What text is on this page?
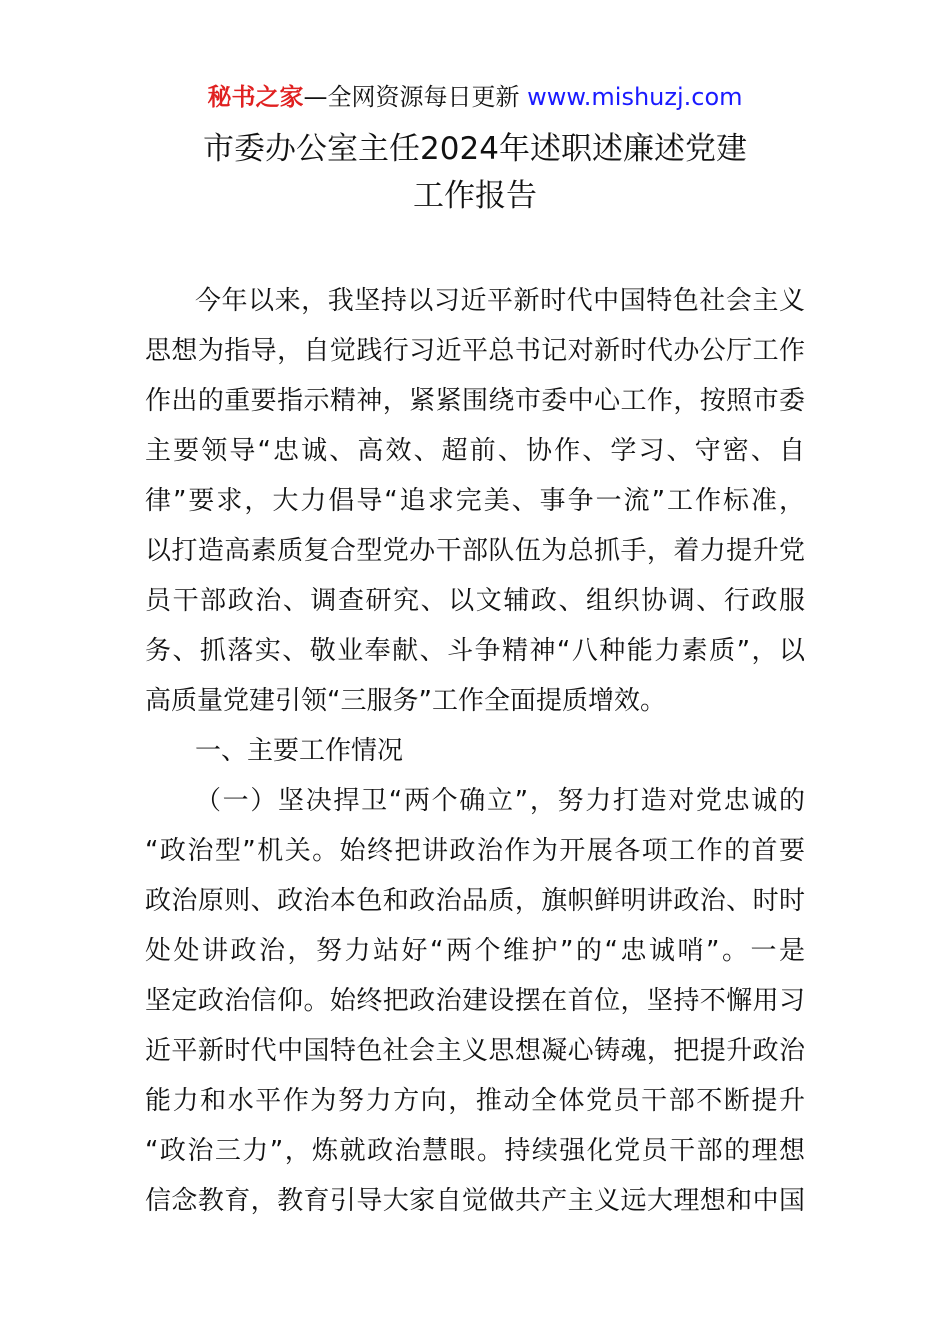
秘书之家—全网资源每日更新 www.mishuzj.com
市委办公室主任2024年述职述廉述党建
工作报告
今年以来，我坚持以习近平新时代中国特色社会主义
思想为指导，自觉践行习近平总书记对新时代办公厅工作
作出的重要指示精神，紧紧围绕市委中心工作，按照市委
主要领导“忠诚、高效、超前、协作、学习、守密、自
律”要求，大力倡导“追求完美、事争一流”工作标准，
以打造高素质复合型党办干部队伍为总抓手，着力提升党
员干部政治、调查研究、以文辅政、组织协调、行政服
务、抓落实、敬业奉献、斗争精神“八种能力素质”，以
高质量党建引领“三服务”工作全面提质增效。
一、主要工作情况
（一）坚决捍卫“两个确立”，努力打造对党忠诚的
“政治型”机关。始终把讲政治作为开展各项工作的首要
政治原则、政治本色和政治品质，旗帜鲜明讲政治、时时
处处讲政治，努力站好“两个维护”的“忠诚哨”。一是
坚定政治信仰。始终把政治建设摆在首位，坚持不懈用习
近平新时代中国特色社会主义思想凝心铸魂，把提升政治
能力和水平作为努力方向，推动全体党员干部不断提升
“政治三力”，炼就政治慧眼。持续强化党员干部的理想
信念教育，教育引导大家自觉做共产主义远大理想和中国
